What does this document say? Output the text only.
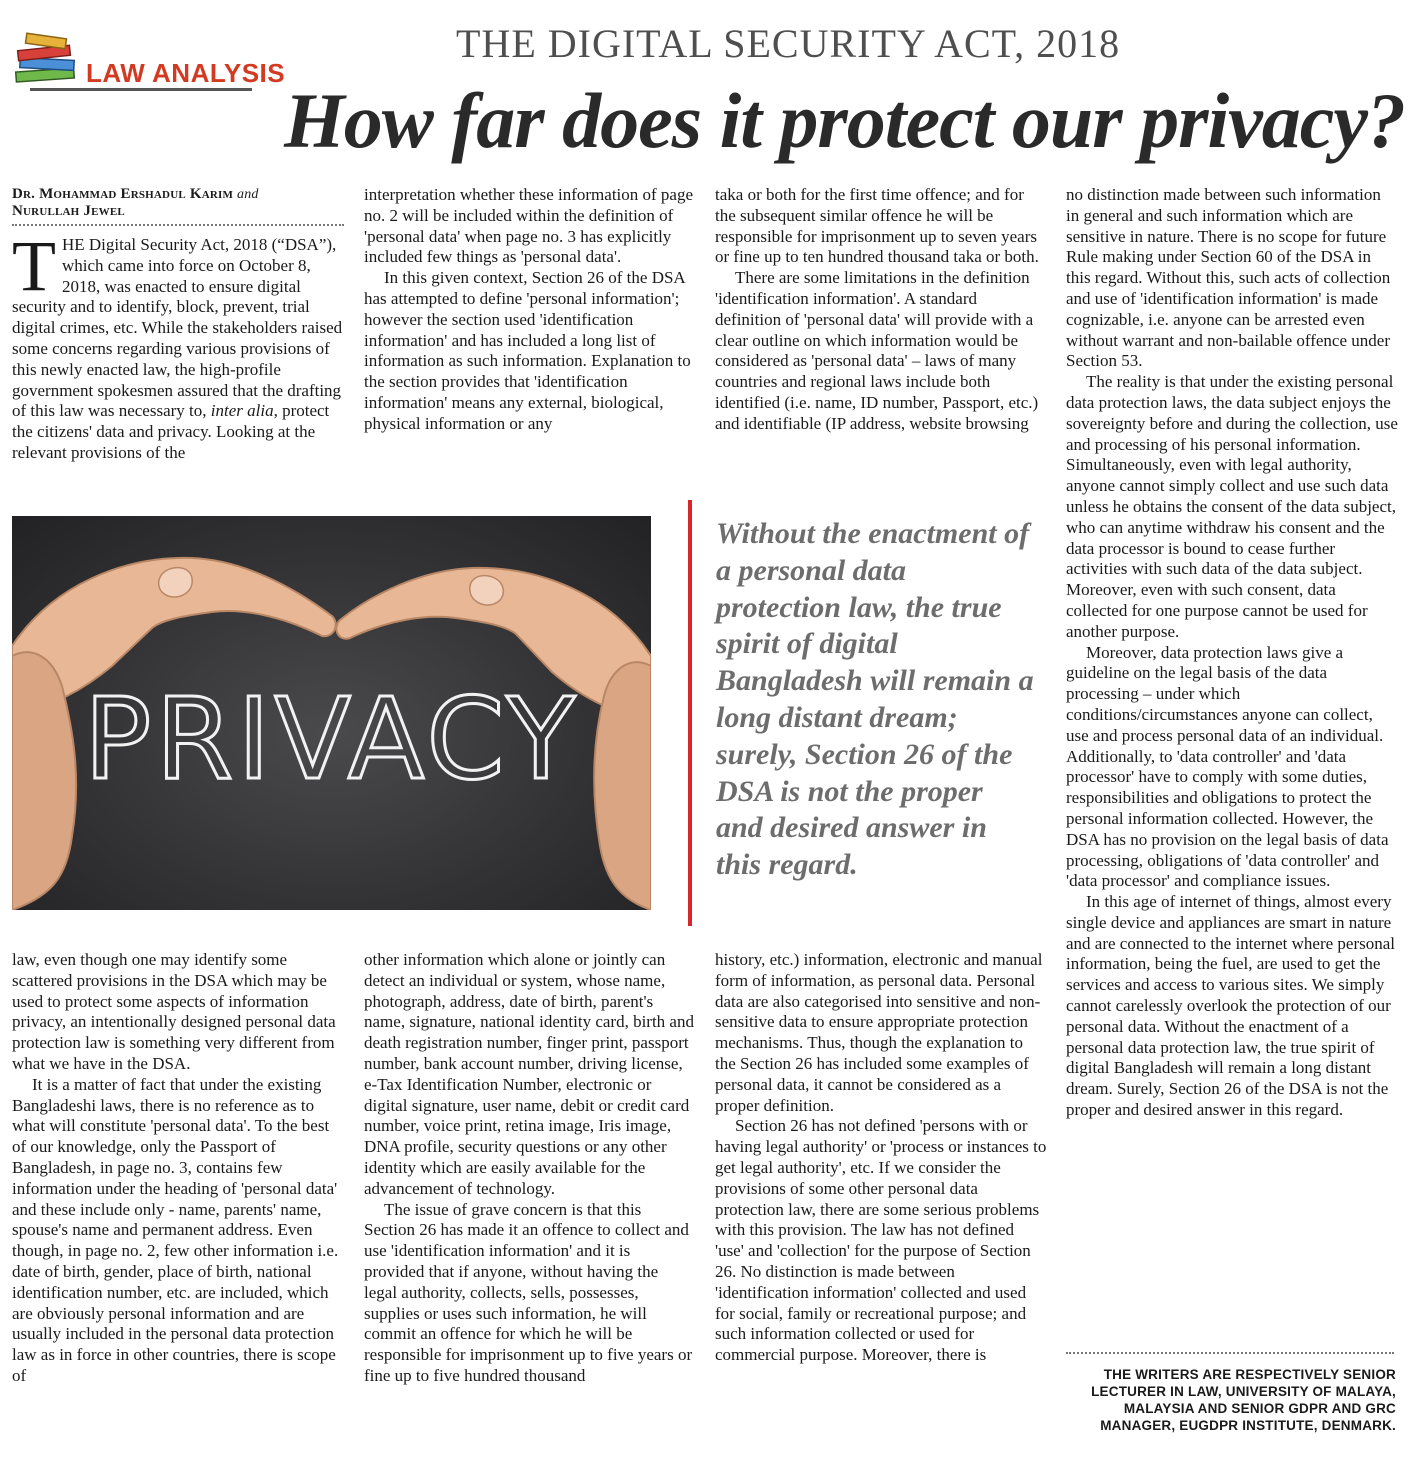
LAW ANALYSIS
THE DIGITAL SECURITY ACT, 2018
How far does it protect our privacy?
Dr. Mohammad Ershadul Karim and
Nurullah Jewel

THE Digital Security Act, 2018 (“DSA”), which came into force on October 8, 2018, was enacted to ensure digital security and to identify, block, prevent, trial digital crimes, etc. While the stakeholders raised some concerns regarding various provisions of this newly enacted law, the high-profile government spokesmen assured that the drafting of this law was necessary to, inter alia, protect the citizens' data and privacy. Looking at the relevant provisions of the

interpretation whether these information of page no. 2 will be included within the definition of 'personal data' when page no. 3 has explicitly included few things as 'personal data'.

In this given context, Section 26 of the DSA has attempted to define 'personal information'; however the section used 'identification information' and has included a long list of information as such information. Explanation to the section provides that 'identification information' means any external, biological, physical information or any

taka or both for the first time offence; and for the subsequent similar offence he will be responsible for imprisonment up to seven years or fine up to ten hundred thousand taka or both.

There are some limitations in the definition 'identification information'. A standard definition of 'personal data' will provide with a clear outline on which information would be considered as 'personal data' – laws of many countries and regional laws include both identified (i.e. name, ID number, Passport, etc.) and identifiable (IP address, website browsing

PRIVACY
Without the enactment of a personal data protection law, the true spirit of digital Bangladesh will remain a long distant dream; surely, Section 26 of the DSA is not the proper and desired answer in this regard.

no distinction made between such information in general and such information which are sensitive in nature. There is no scope for future Rule making under Section 60 of the DSA in this regard. Without this, such acts of collection and use of 'identification information' is made cognizable, i.e. anyone can be arrested even without warrant and non-bailable offence under Section 53.

The reality is that under the existing personal data protection laws, the data subject enjoys the sovereignty before and during the collection, use and processing of his personal information. Simultaneously, even with legal authority, anyone cannot simply collect and use such data unless he obtains the consent of the data subject, who can anytime withdraw his consent and the data processor is bound to cease further activities with such data of the data subject. Moreover, even with such consent, data collected for one purpose cannot be used for another purpose.

Moreover, data protection laws give a guideline on the legal basis of the data processing – under which conditions/circumstances anyone can collect, use and process personal data of an individual. Additionally, to 'data controller' and 'data processor' have to comply with some duties, responsibilities and obligations to protect the personal information collected. However, the DSA has no provision on the legal basis of data processing, obligations of 'data controller' and 'data processor' and compliance issues.

In this age of internet of things, almost every single device and appliances are smart in nature and are connected to the internet where personal information, being the fuel, are used to get the services and access to various sites. We simply cannot carelessly overlook the protection of our personal data. Without the enactment of a personal data protection law, the true spirit of digital Bangladesh will remain a long distant dream. Surely, Section 26 of the DSA is not the proper and desired answer in this regard.

law, even though one may identify some scattered provisions in the DSA which may be used to protect some aspects of information privacy, an intentionally designed personal data protection law is something very different from what we have in the DSA.

It is a matter of fact that under the existing Bangladeshi laws, there is no reference as to what will constitute 'personal data'. To the best of our knowledge, only the Passport of Bangladesh, in page no. 3, contains few information under the heading of 'personal data' and these include only - name, parents' name, spouse's name and permanent address. Even though, in page no. 2, few other information i.e. date of birth, gender, place of birth, national identification number, etc. are included, which are obviously personal information and are usually included in the personal data protection law as in force in other countries, there is scope of

other information which alone or jointly can detect an individual or system, whose name, photograph, address, date of birth, parent's name, signature, national identity card, birth and death registration number, finger print, passport number, bank account number, driving license, e-Tax Identification Number, electronic or digital signature, user name, debit or credit card number, voice print, retina image, Iris image, DNA profile, security questions or any other identity which are easily available for the advancement of technology.

The issue of grave concern is that this Section 26 has made it an offence to collect and use 'identification information' and it is provided that if anyone, without having the legal authority, collects, sells, possesses, supplies or uses such information, he will commit an offence for which he will be responsible for imprisonment up to five years or fine up to five hundred thousand

history, etc.) information, electronic and manual form of information, as personal data. Personal data are also categorised into sensitive and non-sensitive data to ensure appropriate protection mechanisms. Thus, though the explanation to the Section 26 has included some examples of personal data, it cannot be considered as a proper definition.

Section 26 has not defined 'persons with or having legal authority' or 'process or instances to get legal authority', etc. If we consider the provisions of some other personal data protection law, there are some serious problems with this provision. The law has not defined 'use' and 'collection' for the purpose of Section 26. No distinction is made between 'identification information' collected and used for social, family or recreational purpose; and such information collected or used for commercial purpose. Moreover, there is

THE WRITERS ARE RESPECTIVELY SENIOR LECTURER IN LAW, UNIVERSITY OF MALAYA, MALAYSIA AND SENIOR GDPR AND GRC MANAGER, EUGDPR INSTITUTE, DENMARK.
